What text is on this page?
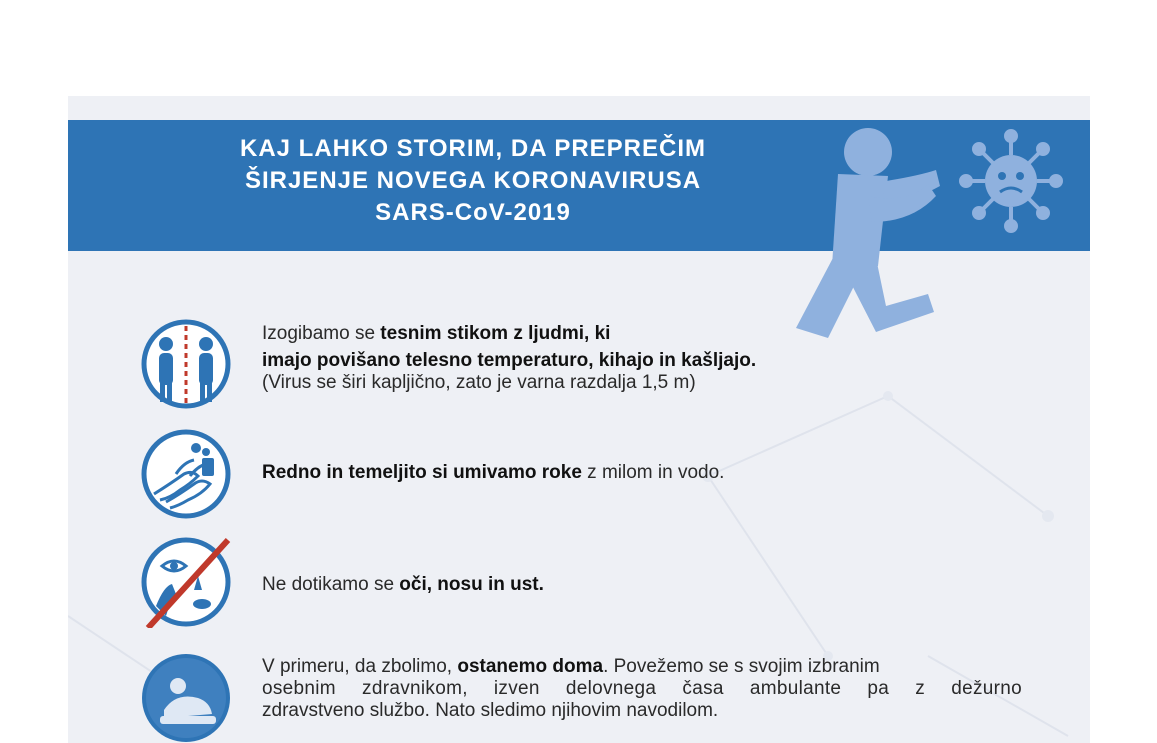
KAJ LAHKO STORIM, DA PREPREČIM
ŠIRJENJE NOVEGA KORONAVIRUSA
SARS-CoV-2019
Izogibamo se tesnim stikom z ljudmi, ki
imajo povišano telesno temperaturo, kihajo in kašljajo.
(Virus se širi kapljično, zato je varna razdalja 1,5 m)
Redno in temeljito si umivamo roke z milom in vodo.
Ne dotikamo se oči, nosu in ust.
V primeru, da zbolimo, ostanemo doma. Povežemo se s svojim izbranim
osebnim zdravnikom, izven delovnega časa ambulante pa z dežurno
zdravstveno službo. Nato sledimo njihovim navodilom.
